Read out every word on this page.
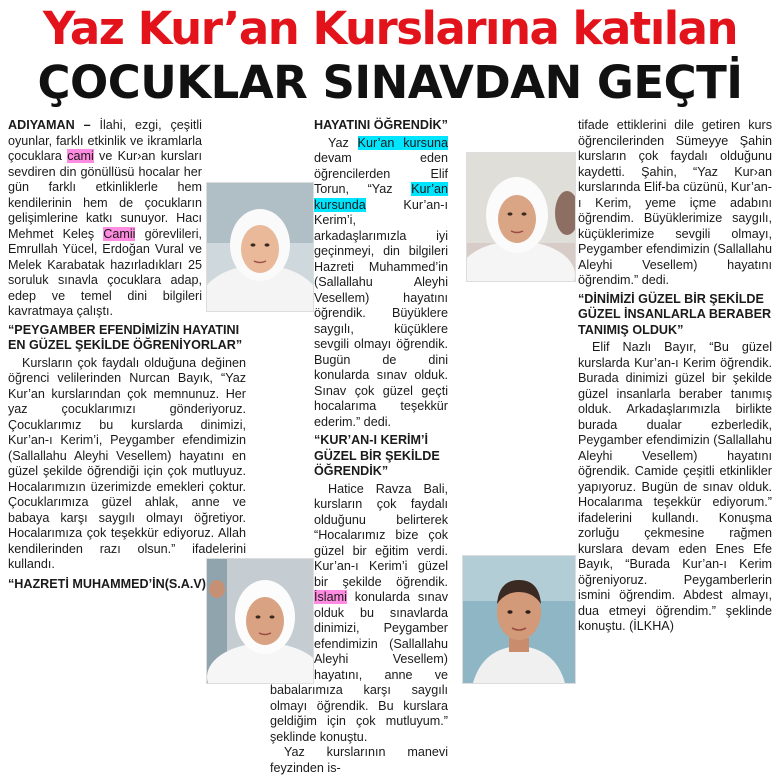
Yaz Kur’an Kurslarına katılan
ÇOCUKLAR SINAVDAN GEÇTİ

ADIYAMAN – İlahi, ezgi, çeşitli oyunlar, farklı etkinlik ve ikramlarla çocuklara cami ve Kur›an kursları sevdiren din gönüllüsü hocalar her gün farklı etkinliklerle hem kendilerinin hem de çocukların gelişimlerine katkı sunuyor. Hacı Mehmet Keleş Camii görevlileri, Emrullah Yücel, Erdoğan Vural ve Melek Karabatak hazırladıkları 25 soruluk sınavla çocuklara adap, edep ve temel dini bilgileri kavratmaya çalıştı.

“PEYGAMBER EFENDİMİZİN HAYATINI EN GÜZEL ŞEKİLDE ÖĞRENİYORLAR”

Kursların çok faydalı olduğuna değinen öğrenci velilerinden Nurcan Bayık, “Yaz Kur’an kurslarından çok memnunuz. Her yaz çocuklarımızı gönderiyoruz. Çocuklarımız bu kurslarda dinimizi, Kur’an-ı Kerim’i, Peygamber efendimizin (Sallallahu Aleyhi Vesellem) hayatını en güzel şekilde öğrendiği için çok mutluyuz. Hocalarımızın üzerimizde emekleri çoktur. Çocuklarımıza güzel ahlak, anne ve babaya karşı saygılı olmayı öğretiyor. Hocalarımıza çok teşekkür ediyoruz. Allah kendilerinden razı olsun.” ifadelerini kullandı.

“HAZRETİ MUHAMMED’İN(S.A.V)
HAYATINI ÖĞRENDİK”

Yaz Kur’an kursuna devam eden öğrencilerden Elif Torun, “Yaz Kur’an kursunda Kur’an-ı Kerim’i, arkadaşlarımızla iyi geçinmeyi, din bilgileri Hazreti Muhammed’in (Sallallahu Aleyhi Vesellem) hayatını öğrendik. Büyüklere saygılı, küçüklere sevgili olmayı öğrendik. Bugün de dini konularda sınav olduk. Sınav çok güzel geçti hocalarıma teşekkür ederim.” dedi.

“KUR’AN-I KERİM’İ GÜZEL BİR ŞEKİLDE ÖĞRENDİK”

Hatice Ravza Bali, kursların çok faydalı olduğunu belirterek “Hocalarımız bize çok güzel bir eğitim verdi. Kur’an-ı Kerim’i güzel bir şekilde öğrendik. İslami konularda sınav olduk bu sınavlarda dinimizi, Peygamber efendimizin (Sallallahu Aleyhi Vesellem) hayatını, anne ve babalarımıza karşı saygılı olmayı öğrendik. Bu kurslara geldiğim için çok mutluyum.” şeklinde konuştu.

Yaz kurslarının manevi feyzinden is-

tifade ettiklerini dile getiren kurs öğrencilerinden Sümeyye Şahin kursların çok faydalı olduğunu kaydetti. Şahin, “Yaz Kur›an kurslarında Elif-ba cüzünü, Kur’an-ı Kerim, yeme içme adabını öğrendim. Büyüklerimize saygılı, küçüklerimize sevgili olmayı, Peygamber efendimizin (Sallallahu Aleyhi Vesellem) hayatını öğrendim.” dedi.

“DİNİMİZİ GÜZEL BİR ŞEKİLDE GÜZEL İNSANLARLA BERABER TANIMIŞ OLDUK”

Elif Nazlı Bayır, “Bu güzel kurslarda Kur’an-ı Kerim öğrendik. Burada dinimizi güzel bir şekilde güzel insanlarla beraber tanımış olduk. Arkadaşlarımızla birlikte burada dualar ezberledik, Peygamber efendimizin (Sallallahu Aleyhi Vesellem) hayatını öğrendik. Camide çeşitli etkinlikler yapıyoruz. Bugün de sınav olduk. Hocalarıma teşekkür ediyorum.” ifadelerini kullandı. Konuşma zorluğu çekmesine rağmen kurslara devam eden Enes Efe Bayık, “Burada Kur’an-ı Kerim öğreniyoruz. Peygamberlerin ismini öğrendim. Abdest almayı, dua etmeyi öğrendim.” şeklinde konuştu. (İLKHA)
